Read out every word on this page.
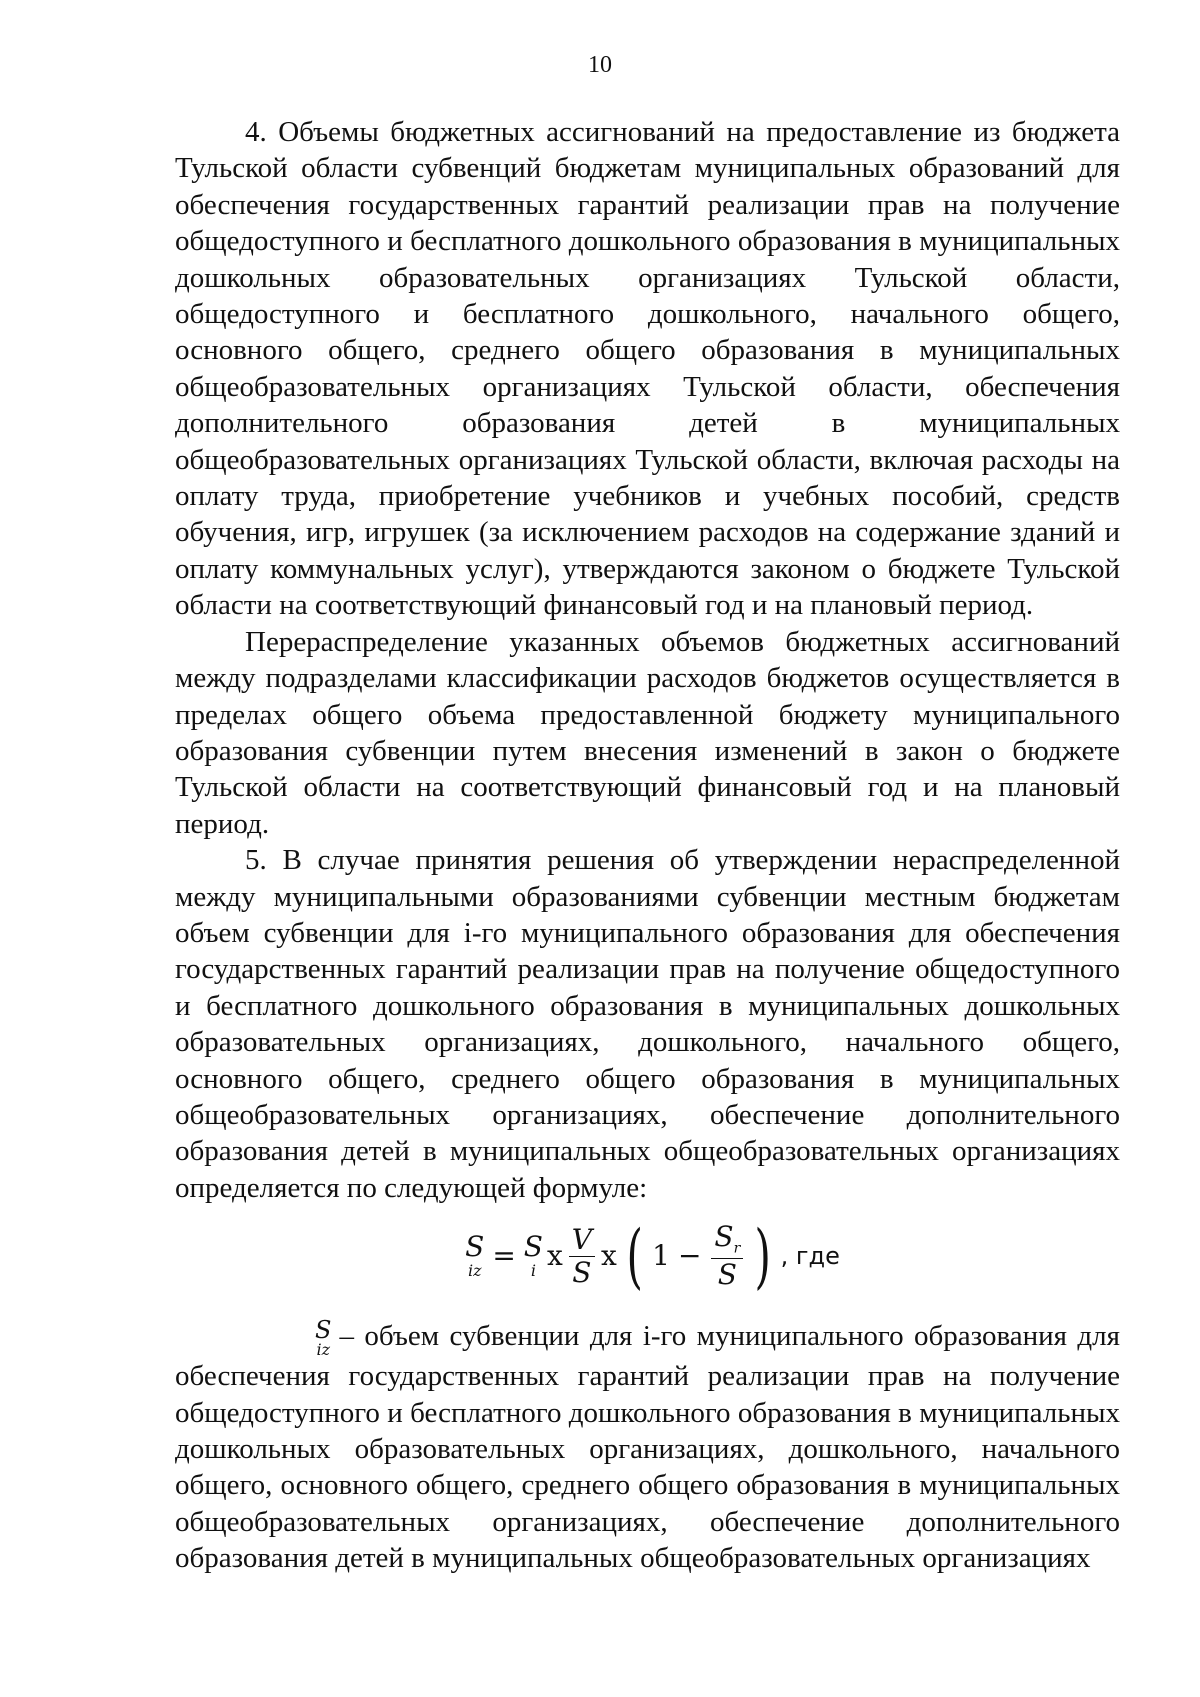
10

4. Объемы бюджетных ассигнований на предоставление из бюджета Тульской области субвенций бюджетам муниципальных образований для обеспечения государственных гарантий реализации прав на получение общедоступного и бесплатного дошкольного образования в муниципальных дошкольных образовательных организациях Тульской области, общедоступного и бесплатного дошкольного, начального общего, основного общего, среднего общего образования в муниципальных общеобразовательных организациях Тульской области, обеспечения дополнительного образования детей в муниципальных общеобразовательных организациях Тульской области, включая расходы на оплату труда, приобретение учебников и учебных пособий, средств обучения, игр, игрушек (за исключением расходов на содержание зданий и оплату коммунальных услуг), утверждаются законом о бюджете Тульской области на соответствующий финансовый год и на плановый период.

Перераспределение указанных объемов бюджетных ассигнований между подразделами классификации расходов бюджетов осуществляется в пределах общего объема предоставленной бюджету муниципального образования субвенции путем внесения изменений в закон о бюджете Тульской области на соответствующий финансовый год и на плановый период.

5. В случае принятия решения об утверждении нераспределенной между муниципальными образованиями субвенции местным бюджетам объем субвенции для i-го муниципального образования для обеспечения государственных гарантий реализации прав на получение общедоступного и бесплатного дошкольного образования в муниципальных дошкольных образовательных организациях, дошкольного, начального общего, основного общего, среднего общего образования в муниципальных общеобразовательных организациях, обеспечение дополнительного образования детей в муниципальных общеобразовательных организациях определяется по следующей формуле:

S
iz = S
i x $\frac{V}{S}$ x ( $1 - \frac{S_r}{S}$ ) , где

S
iz – объем субвенции для i-го муниципального образования для обеспечения государственных гарантий реализации прав на получение общедоступного и бесплатного дошкольного образования в муниципальных дошкольных образовательных организациях, дошкольного, начального общего, основного общего, среднего общего образования в муниципальных общеобразовательных организациях, обеспечение дополнительного образования детей в муниципальных общеобразовательных организациях
